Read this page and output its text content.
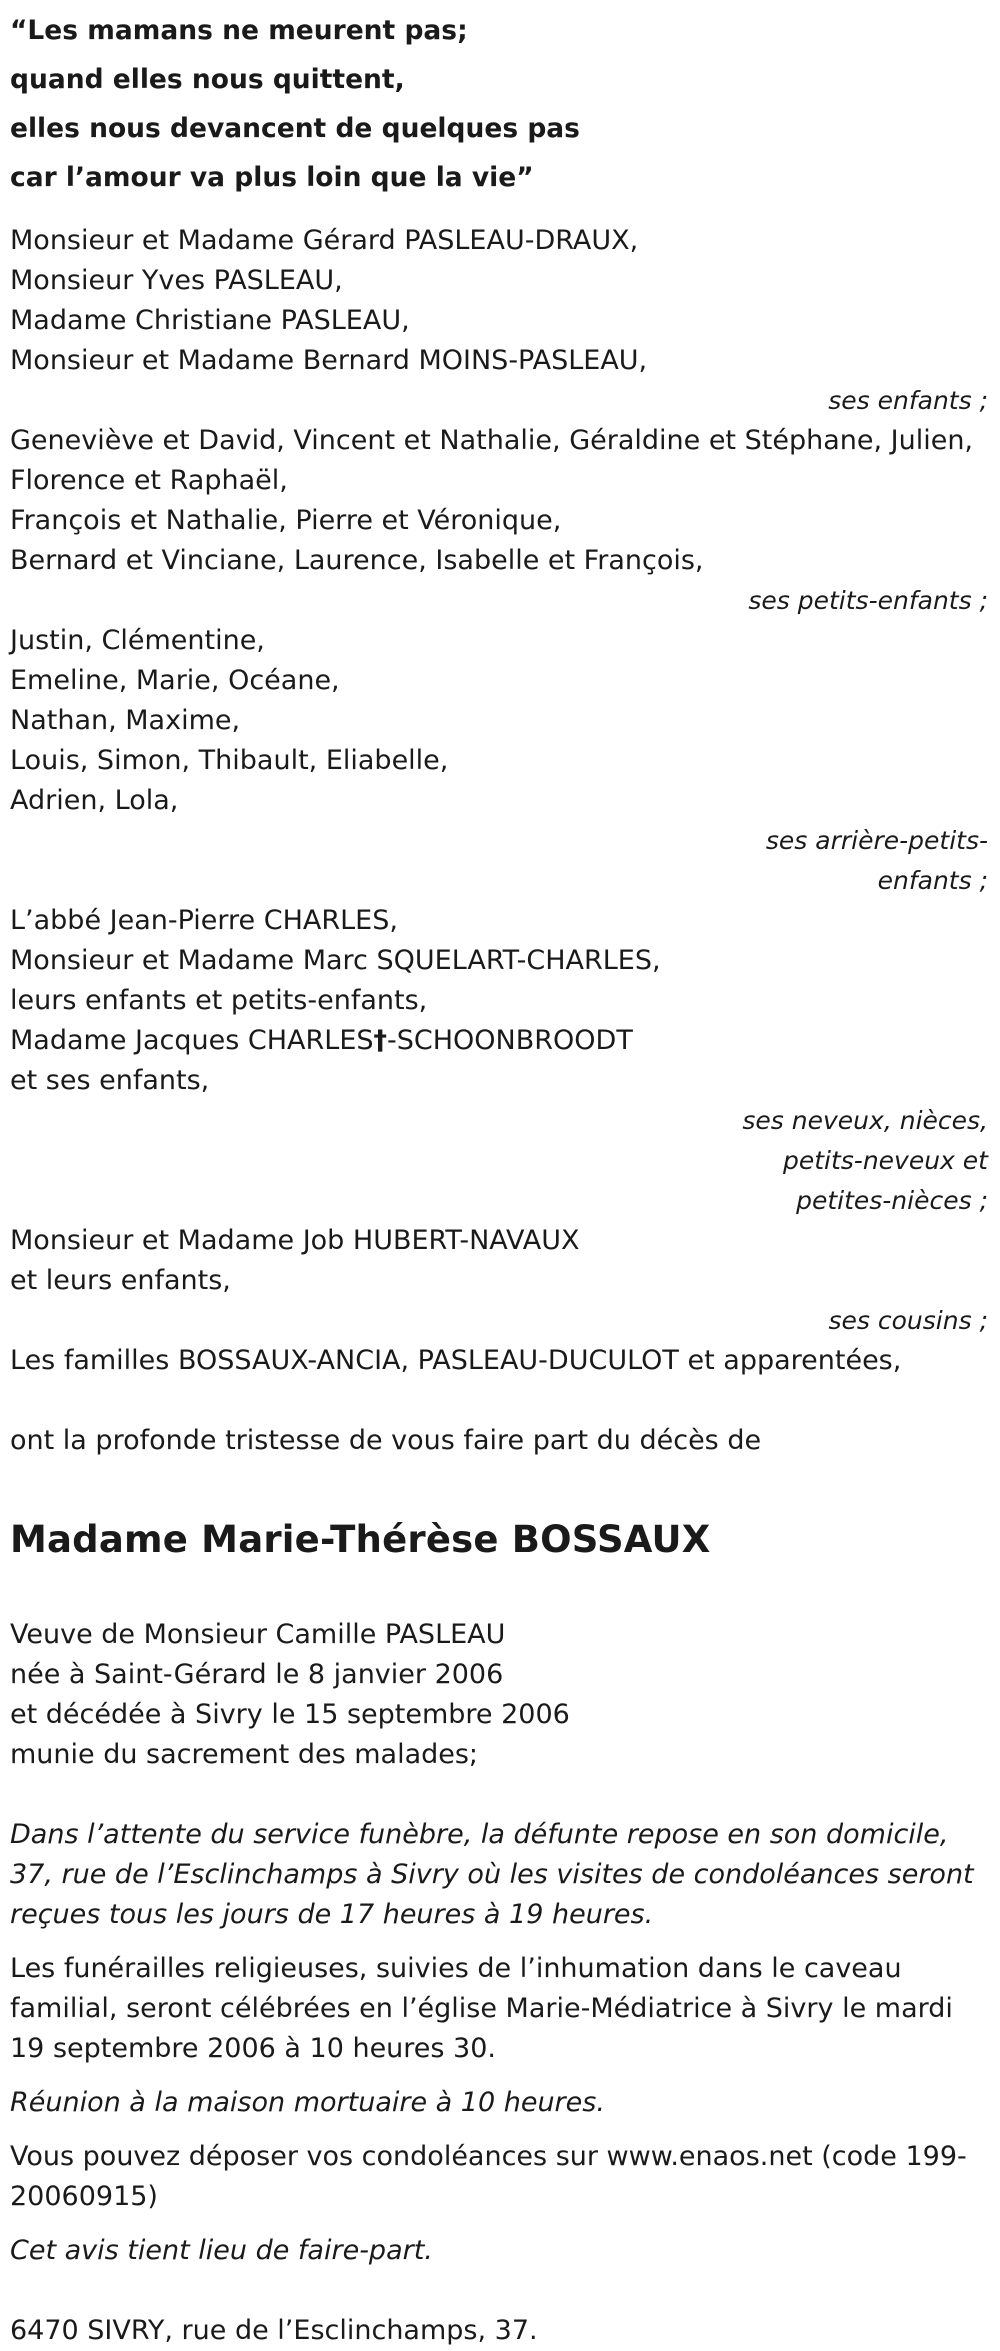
“Les mamans ne meurent pas;
quand elles nous quittent,
elles nous devancent de quelques pas
car l’amour va plus loin que la vie”
Monsieur et Madame Gérard PASLEAU-DRAUX,
Monsieur Yves PASLEAU,
Madame Christiane PASLEAU,
Monsieur et Madame Bernard MOINS-PASLEAU,
ses enfants ;
Geneviève et David, Vincent et Nathalie, Géraldine et Stéphane, Julien,
Florence et Raphaël,
François et Nathalie, Pierre et Véronique,
Bernard et Vinciane, Laurence, Isabelle et François,
ses petits-enfants ;
Justin, Clémentine,
Emeline, Marie, Océane,
Nathan, Maxime,
Louis, Simon, Thibault, Eliabelle,
Adrien, Lola,
ses arrière-petits-
enfants ;
L’abbé Jean-Pierre CHARLES,
Monsieur et Madame Marc SQUELART-CHARLES,
leurs enfants et petits-enfants,
Madame Jacques CHARLES†-SCHOONBROODT
et ses enfants,
ses neveux, nièces,
petits-neveux et
petites-nièces ;
Monsieur et Madame Job HUBERT-NAVAUX
et leurs enfants,
ses cousins ;
Les familles BOSSAUX-ANCIA, PASLEAU-DUCULOT et apparentées,
ont la profonde tristesse de vous faire part du décès de
Madame Marie-Thérèse BOSSAUX
Veuve de Monsieur Camille PASLEAU
née à Saint-Gérard le 8 janvier 2006
et décédée à Sivry le 15 septembre 2006
munie du sacrement des malades;
Dans l’attente du service funèbre, la défunte repose en son domicile, 37, rue de l’Esclinchamps à Sivry où les visites de condoléances seront reçues tous les jours de 17 heures à 19 heures.
Les funérailles religieuses, suivies de l’inhumation dans le caveau familial, seront célébrées en l’église Marie-Médiatrice à Sivry le mardi 19 septembre 2006 à 10 heures 30.
Réunion à la maison mortuaire à 10 heures.
Vous pouvez déposer vos condoléances sur www.enaos.net (code 199-20060915)
Cet avis tient lieu de faire-part.
6470 SIVRY, rue de l’Esclinchamps, 37.
